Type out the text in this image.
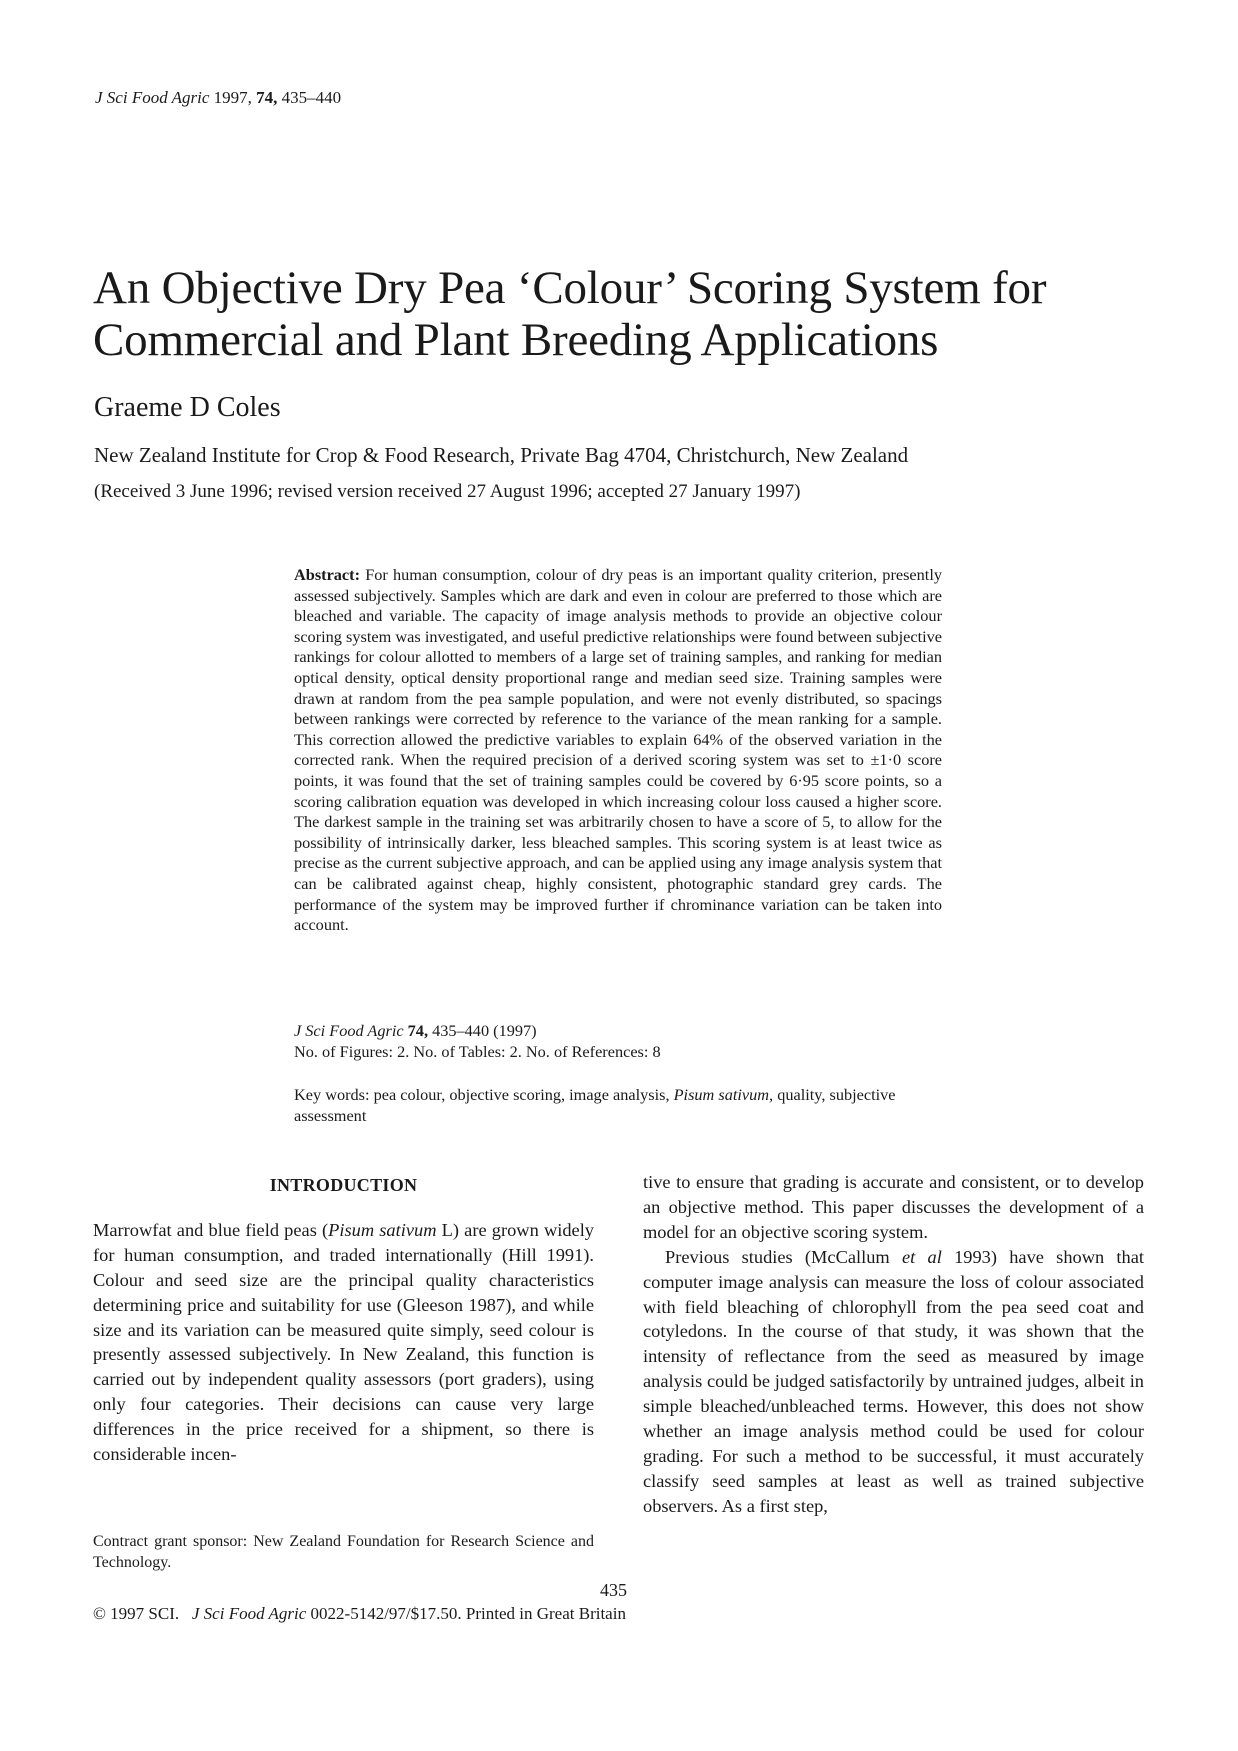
J Sci Food Agric 1997, 74, 435–440
An Objective Dry Pea ‘Colour’ Scoring System for
Commercial and Plant Breeding Applications
Graeme D Coles
New Zealand Institute for Crop & Food Research, Private Bag 4704, Christchurch, New Zealand
(Received 3 June 1996; revised version received 27 August 1996; accepted 27 January 1997)

Abstract: For human consumption, colour of dry peas is an important quality criterion, presently assessed subjectively. Samples which are dark and even in colour are preferred to those which are bleached and variable. The capacity of image analysis methods to provide an objective colour scoring system was investigated, and useful predictive relationships were found between subjective rankings for colour allotted to members of a large set of training samples, and ranking for median optical density, optical density proportional range and median seed size. Training samples were drawn at random from the pea sample population, and were not evenly distributed, so spacings between rankings were corrected by reference to the variance of the mean ranking for a sample. This correction allowed the predictive variables to explain 64% of the observed variation in the corrected rank. When the required precision of a derived scoring system was set to ±1·0 score points, it was found that the set of training samples could be covered by 6·95 score points, so a scoring calibration equation was developed in which increasing colour loss caused a higher score. The darkest sample in the training set was arbitrarily chosen to have a score of 5, to allow for the possibility of intrinsically darker, less bleached samples. This scoring system is at least twice as precise as the current subjective approach, and can be applied using any image analysis system that can be calibrated against cheap, highly consistent, photographic standard grey cards. The performance of the system may be improved further if chrominance variation can be taken into account.

J Sci Food Agric 74, 435–440 (1997)
No. of Figures: 2. No. of Tables: 2. No. of References: 8
Key words: pea colour, objective scoring, image analysis, Pisum sativum, quality, subjective assessment
INTRODUCTION

Marrowfat and blue field peas (Pisum sativum L) are grown widely for human consumption, and traded internationally (Hill 1991). Colour and seed size are the principal quality characteristics determining price and suitability for use (Gleeson 1987), and while size and its variation can be measured quite simply, seed colour is presently assessed subjectively. In New Zealand, this function is carried out by independent quality assessors (port graders), using only four categories. Their decisions can cause very large differences in the price received for a shipment, so there is considerable incen-

tive to ensure that grading is accurate and consistent, or to develop an objective method. This paper discusses the development of a model for an objective scoring system.

Previous studies (McCallum et al 1993) have shown that computer image analysis can measure the loss of colour associated with field bleaching of chlorophyll from the pea seed coat and cotyledons. In the course of that study, it was shown that the intensity of reflectance from the seed as measured by image analysis could be judged satisfactorily by untrained judges, albeit in simple bleached/unbleached terms. However, this does not show whether an image analysis method could be used for colour grading. For such a method to be successful, it must accurately classify seed samples at least as well as trained subjective observers. As a first step,

Contract grant sponsor: New Zealand Foundation for Research Science and Technology.
435
© 1997 SCI. J Sci Food Agric 0022-5142/97/$17.50. Printed in Great Britain
